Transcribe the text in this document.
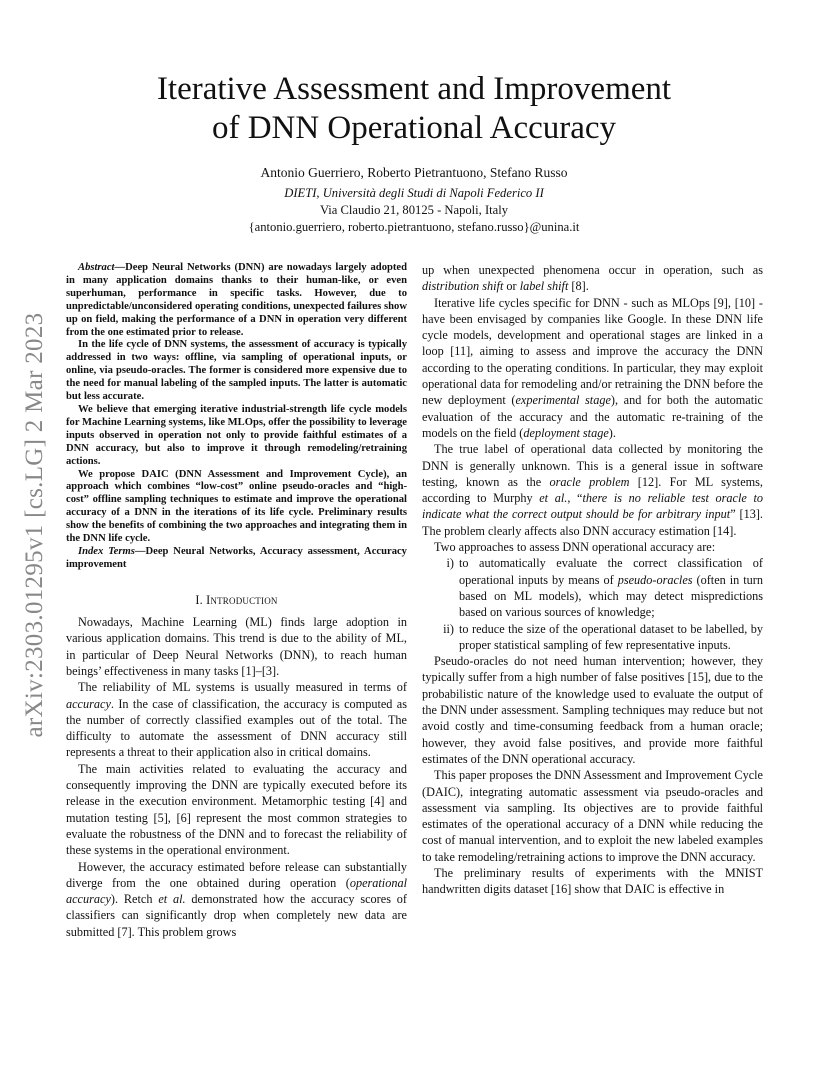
Iterative Assessment and Improvement
of DNN Operational Accuracy
Antonio Guerriero, Roberto Pietrantuono, Stefano Russo
DIETI, Università degli Studi di Napoli Federico II
Via Claudio 21, 80125 - Napoli, Italy
{antonio.guerriero, roberto.pietrantuono, stefano.russo}@unina.it
arXiv:2303.01295v1 [cs.LG] 2 Mar 2023

Abstract—Deep Neural Networks (DNN) are nowadays largely adopted in many application domains thanks to their human-like, or even superhuman, performance in specific tasks. However, due to unpredictable/unconsidered operating conditions, unexpected failures show up on field, making the performance of a DNN in operation very different from the one estimated prior to release.

In the life cycle of DNN systems, the assessment of accuracy is typically addressed in two ways: offline, via sampling of operational inputs, or online, via pseudo-oracles. The former is considered more expensive due to the need for manual labeling of the sampled inputs. The latter is automatic but less accurate.

We believe that emerging iterative industrial-strength life cycle models for Machine Learning systems, like MLOps, offer the possibility to leverage inputs observed in operation not only to provide faithful estimates of a DNN accuracy, but also to improve it through remodeling/retraining actions.

We propose DAIC (DNN Assessment and Improvement Cycle), an approach which combines “low-cost” online pseudo-oracles and “high-cost” offline sampling techniques to estimate and improve the operational accuracy of a DNN in the iterations of its life cycle. Preliminary results show the benefits of combining the two approaches and integrating them in the DNN life cycle.

Index Terms—Deep Neural Networks, Accuracy assessment, Accuracy improvement

I. Introduction

Nowadays, Machine Learning (ML) finds large adoption in various application domains. This trend is due to the ability of ML, in particular of Deep Neural Networks (DNN), to reach human beings’ effectiveness in many tasks [1]–[3].

The reliability of ML systems is usually measured in terms of accuracy. In the case of classification, the accuracy is computed as the number of correctly classified examples out of the total. The difficulty to automate the assessment of DNN accuracy still represents a threat to their application also in critical domains.

The main activities related to evaluating the accuracy and consequently improving the DNN are typically executed before its release in the execution environment. Metamorphic testing [4] and mutation testing [5], [6] represent the most common strategies to evaluate the robustness of the DNN and to forecast the reliability of these systems in the operational environment.

However, the accuracy estimated before release can substantially diverge from the one obtained during operation (operational accuracy). Retch et al. demonstrated how the accuracy scores of classifiers can significantly drop when completely new data are submitted [7]. This problem grows

up when unexpected phenomena occur in operation, such as distribution shift or label shift [8].

Iterative life cycles specific for DNN - such as MLOps [9], [10] - have been envisaged by companies like Google. In these DNN life cycle models, development and operational stages are linked in a loop [11], aiming to assess and improve the accuracy the DNN according to the operating conditions. In particular, they may exploit operational data for remodeling and/or retraining the DNN before the new deployment (experimental stage), and for both the automatic evaluation of the accuracy and the automatic re-training of the models on the field (deployment stage).

The true label of operational data collected by monitoring the DNN is generally unknown. This is a general issue in software testing, known as the oracle problem [12]. For ML systems, according to Murphy et al., “there is no reliable test oracle to indicate what the correct output should be for arbitrary input” [13]. The problem clearly affects also DNN accuracy estimation [14].

Two approaches to assess DNN operational accuracy are:

i) to automatically evaluate the correct classification of operational inputs by means of pseudo-oracles (often in turn based on ML models), which may detect mispredictions based on various sources of knowledge;
ii) to reduce the size of the operational dataset to be labelled, by proper statistical sampling of few representative inputs.

Pseudo-oracles do not need human intervention; however, they typically suffer from a high number of false positives [15], due to the probabilistic nature of the knowledge used to evaluate the output of the DNN under assessment. Sampling techniques may reduce but not avoid costly and time-consuming feedback from a human oracle; however, they avoid false positives, and provide more faithful estimates of the DNN operational accuracy.

This paper proposes the DNN Assessment and Improvement Cycle (DAIC), integrating automatic assessment via pseudo-oracles and assessment via sampling. Its objectives are to provide faithful estimates of the operational accuracy of a DNN while reducing the cost of manual intervention, and to exploit the new labeled examples to take remodeling/retraining actions to improve the DNN accuracy.

The preliminary results of experiments with the MNIST handwritten digits dataset [16] show that DAIC is effective in
